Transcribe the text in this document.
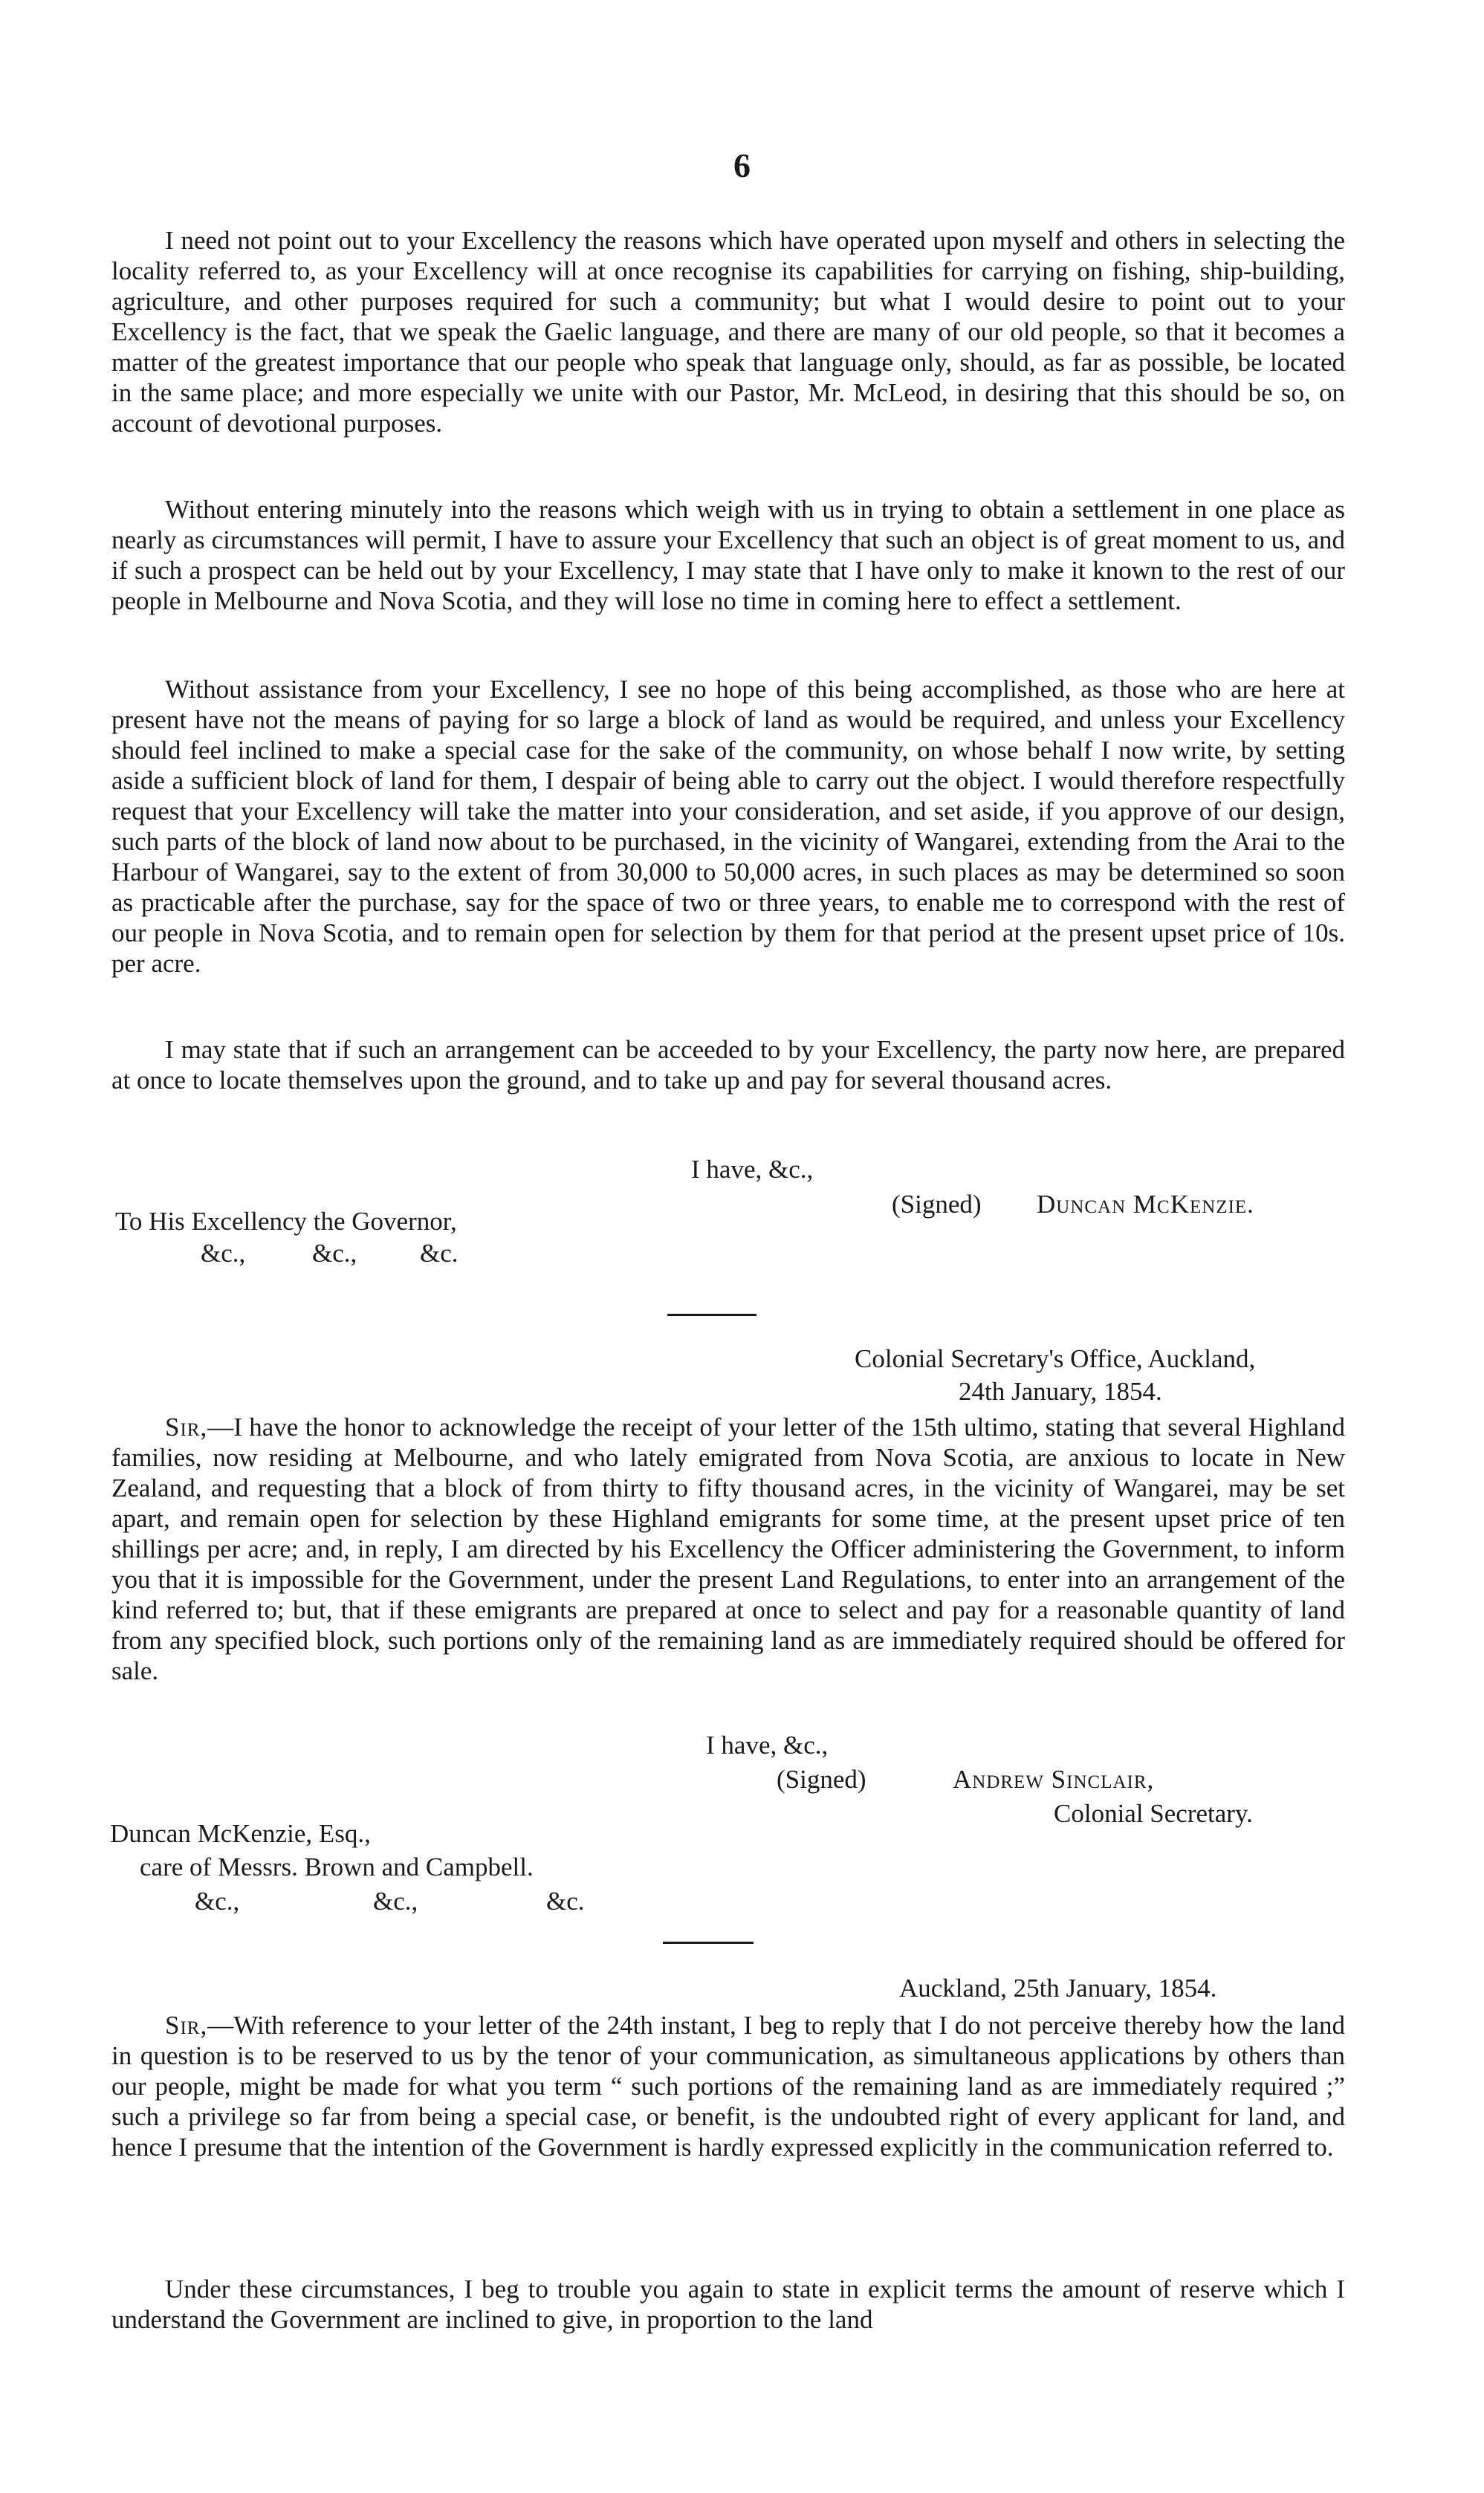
6

I need not point out to your Excellency the reasons which have operated upon myself and others in selecting the locality referred to, as your Excellency will at once recognise its capabilities for carrying on fishing, ship-building, agriculture, and other purposes required for such a community; but what I would desire to point out to your Excellency is the fact, that we speak the Gaelic language, and there are many of our old people, so that it becomes a matter of the greatest importance that our people who speak that language only, should, as far as possible, be located in the same place; and more especially we unite with our Pastor, Mr. McLeod, in desiring that this should be so, on account of devotional purposes.

Without entering minutely into the reasons which weigh with us in trying to obtain a settlement in one place as nearly as circumstances will permit, I have to assure your Excellency that such an object is of great moment to us, and if such a prospect can be held out by your Excellency, I may state that I have only to make it known to the rest of our people in Melbourne and Nova Scotia, and they will lose no time in coming here to effect a settlement.

Without assistance from your Excellency, I see no hope of this being accomplished, as those who are here at present have not the means of paying for so large a block of land as would be required, and unless your Excellency should feel inclined to make a special case for the sake of the community, on whose behalf I now write, by setting aside a sufficient block of land for them, I despair of being able to carry out the object. I would therefore respectfully request that your Excellency will take the matter into your consideration, and set aside, if you approve of our design, such parts of the block of land now about to be purchased, in the vicinity of Wangarei, extending from the Arai to the Harbour of Wangarei, say to the extent of from 30,000 to 50,000 acres, in such places as may be determined so soon as practicable after the purchase, say for the space of two or three years, to enable me to correspond with the rest of our people in Nova Scotia, and to remain open for selection by them for that period at the present upset price of 10s. per acre.

I may state that if such an arrangement can be acceeded to by your Excellency, the party now here, are prepared at once to locate themselves upon the ground, and to take up and pay for several thousand acres.

I have, &c.,
(Signed) Duncan McKenzie.
To His Excellency the Governor,
&c.,	&c., &c.
Colonial Secretary's Office, Auckland,
24th January, 1854.

Sir,—I have the honor to acknowledge the receipt of your letter of the 15th ultimo, stating that several Highland families, now residing at Melbourne, and who lately emigrated from Nova Scotia, are anxious to locate in New Zealand, and requesting that a block of from thirty to fifty thousand acres, in the vicinity of Wangarei, may be set apart, and remain open for selection by these Highland emigrants for some time, at the present upset price of ten shillings per acre; and, in reply, I am directed by his Excellency the Officer administering the Government, to inform you that it is impossible for the Government, under the present Land Regulations, to enter into an arrangement of the kind referred to; but, that if these emigrants are prepared at once to select and pay for a reasonable quantity of land from any specified block, such portions only of the remaining land as are immediately required should be offered for sale.

I have, &c.,
(Signed)	Andrew Sinclair,
Colonial Secretary.
Duncan McKenzie, Esq.,
care of Messrs. Brown and Campbell.
&c.,	&c.,	&c.
Auckland, 25th January, 1854.

Sir,—With reference to your letter of the 24th instant, I beg to reply that I do not perceive thereby how the land in question is to be reserved to us by the tenor of your communication, as simultaneous applications by others than our people, might be made for what you term “ such portions of the remaining land as are immediately required ;” such a privilege so far from being a special case, or benefit, is the undoubted right of every applicant for land, and hence I presume that the intention of the Government is hardly expressed explicitly in the communication referred to.

Under these circumstances, I beg to trouble you again to state in explicit terms the amount of reserve which I understand the Government are inclined to give, in proportion to the land
